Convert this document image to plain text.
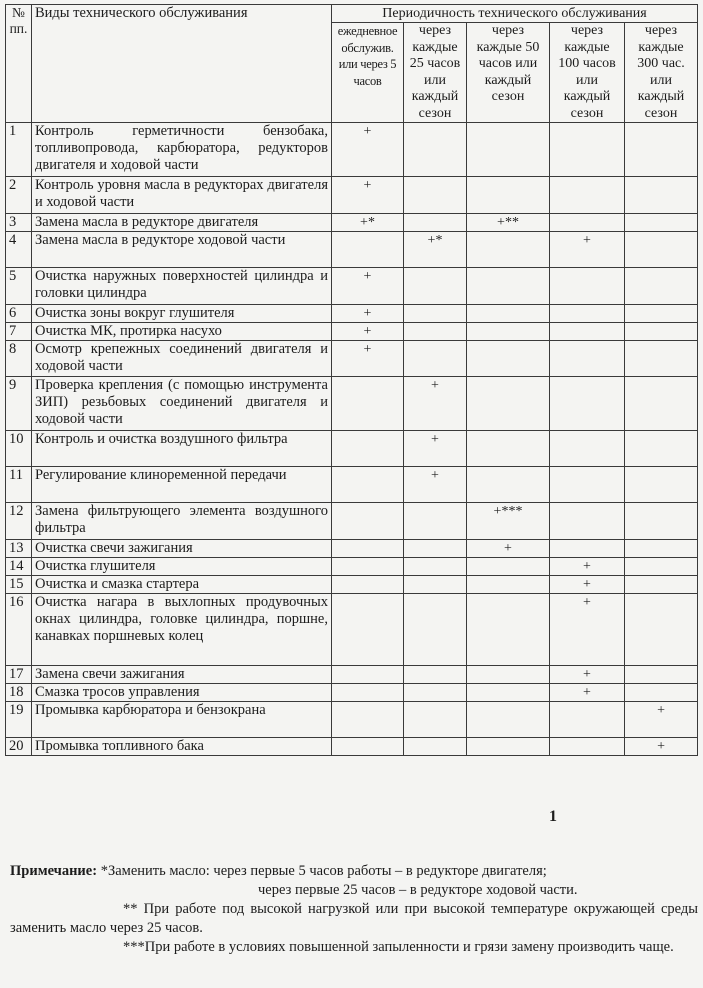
№ пп.	Виды технического обслуживания	Периодичность технического обслуживания				
		ежедневное обслужив. или через 5 часов	через каждые 25 часов или каждый сезон	через каждые 50 часов или каждый сезон	через каждые 100 часов или каждый сезон	через каждые 300 час. или каждый сезон
1	Контроль герметичности бензобака, топливопровода, карбюратора, редукторов двигателя и ходовой части	+				
2	Контроль уровня масла в редукторах двигателя и ходовой части	+				
3	Замена масла в редукторе двигателя	+*		+**		
4	Замена масла в редукторе ходовой части		+*		+	
5	Очистка наружных поверхностей цилиндра и головки цилиндра	+				
6	Очистка зоны вокруг глушителя	+				
7	Очистка МК, протирка насухо	+				
8	Осмотр крепежных соединений двигателя и ходовой части	+				
9	Проверка крепления (с помощью инструмента ЗИП) резьбовых соединений двигателя и ходовой части		+			
10	Контроль и очистка воздушного фильтра		+			
11	Регулирование клиноременной передачи		+			
12	Замена фильтрующего элемента воздушного фильтра			+***		
13	Очистка свечи зажигания			+		
14	Очистка глушителя				+	
15	Очистка и смазка стартера				+	
16	Очистка нагара в выхлопных продувочных окнах цилиндра, головке цилиндра, поршне, канавках поршневых колец				+	
17	Замена свечи зажигания				+	
18	Смазка тросов управления				+	
19	Промывка карбюратора и бензокрана					+
20	Промывка топливного бака					+
1

Примечание: *Заменить масло: через первые 5 часов работы – в редукторе двигателя;

через первые 25 часов – в редукторе ходовой части.

** При работе под высокой нагрузкой или при высокой температуре окружающей среды заменить масло через 25 часов.

***При работе в условиях повышенной запыленности и грязи замену производить чаще.
